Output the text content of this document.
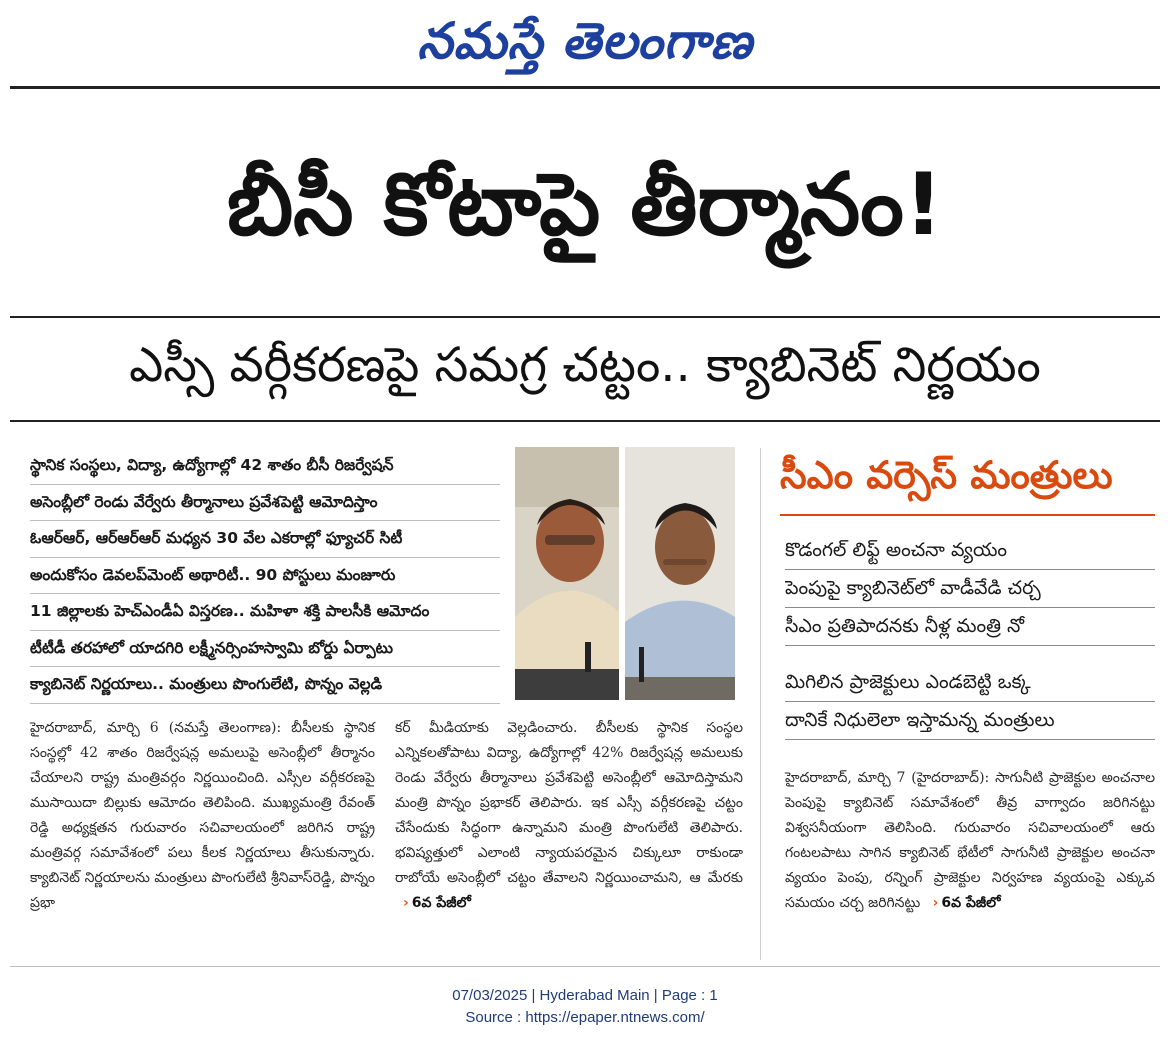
నమస్తే తెలంగాణ
బీసీ కోటాపై తీర్మానం!
ఎస్సీ వర్గీకరణపై సమగ్ర చట్టం.. క్యాబినెట్ నిర్ణయం
స్థానిక సంస్థలు, విద్యా, ఉద్యోగాల్లో 42 శాతం బీసీ రిజర్వేషన్
అసెంబ్లీలో రెండు వేర్వేరు తీర్మానాలు ప్రవేశపెట్టి ఆమోదిస్తాం
ఓఆర్ఆర్, ఆర్ఆర్ఆర్ మధ్యన 30 వేల ఎకరాల్లో ఫ్యూచర్ సిటీ
అందుకోసం డెవలప్‌మెంట్ అథారిటీ.. 90 పోస్టులు మంజూరు
11 జిల్లాలకు హెచ్ఎండీఏ విస్తరణ.. మహిళా శక్తి పాలసీకి ఆమోదం
టీటీడీ తరహాలో యాదగిరి లక్ష్మీనర్సింహస్వామి బోర్డు ఏర్పాటు
క్యాబినెట్ నిర్ణయాలు.. మంత్రులు పొంగులేటి, పొన్నం వెల్లడి
సీఎం వర్సెస్ మంత్రులు
కొడంగల్ లిఫ్ట్ అంచనా వ్యయం
పెంపుపై క్యాబినెట్‌లో వాడీవేడి చర్చ
సీఎం ప్రతిపాదనకు నీళ్ల మంత్రి నో
మిగిలిన ప్రాజెక్టులు ఎండబెట్టి ఒక్క
దానికే నిధులెలా ఇస్తామన్న మంత్రులు
హైదరాబాద్, మార్చి 6 (నమస్తే తెలంగాణ): బీసీలకు స్థానిక సంస్థల్లో 42 శాతం రిజర్వేషన్ల అమలుపై అసెంబ్లీలో తీర్మానం చేయాలని రాష్ట్ర మంత్రివర్గం నిర్ణయించింది. ఎస్సీల వర్గీకరణపై ముసాయిదా బిల్లుకు ఆమోదం తెలిపింది. ముఖ్యమంత్రి రేవంత్ రెడ్డి అధ్యక్షతన గురువారం సచివాలయంలో జరిగిన రాష్ట్ర మంత్రివర్గ సమావేశంలో పలు కీలక నిర్ణయాలు తీసుకున్నారు. క్యాబినెట్ నిర్ణయాలను మంత్రులు పొంగులేటి శ్రీనివాస్‌రెడ్డి, పొన్నం ప్రభా
కర్ మీడియాకు వెల్లడించారు. బీసీలకు స్థానిక సంస్థల ఎన్నికలతోపాటు విద్యా, ఉద్యోగాల్లో 42% రిజర్వేషన్ల అమలుకు రెండు వేర్వేరు తీర్మానాలు ప్రవేశపెట్టి అసెంబ్లీలో ఆమోదిస్తామని మంత్రి పొన్నం ప్రభాకర్ తెలిపారు. ఇక ఎస్సీ వర్గీకరణపై చట్టం చేసేందుకు సిద్ధంగా ఉన్నామని మంత్రి పొంగులేటి తెలిపారు. భవిష్యత్తులో ఎలాంటి న్యాయపరమైన చిక్కులూ రాకుండా రాబోయే అసెంబ్లీలో చట్టం తేవాలని నిర్ణయించామని, ఆ మేరకు › 6వ పేజీలో
హైదరాబాద్, మార్చి 7 (హైదరాబాద్): సాగునీటి ప్రాజెక్టుల అంచనాల పెంపుపై క్యాబినెట్ సమావేశంలో తీవ్ర వాగ్వాదం జరిగినట్టు విశ్వసనీయంగా తెలిసింది. గురువారం సచివాలయంలో ఆరు గంటలపాటు సాగిన క్యాబినెట్ భేటీలో సాగునీటి ప్రాజెక్టుల అంచనా వ్యయం పెంపు, రన్నింగ్ ప్రాజెక్టుల నిర్వహణ వ్యయంపై ఎక్కువ సమయం చర్చ జరిగినట్టు › 6వ పేజీలో
07/03/2025 | Hyderabad Main | Page : 1
Source : https://epaper.ntnews.com/
